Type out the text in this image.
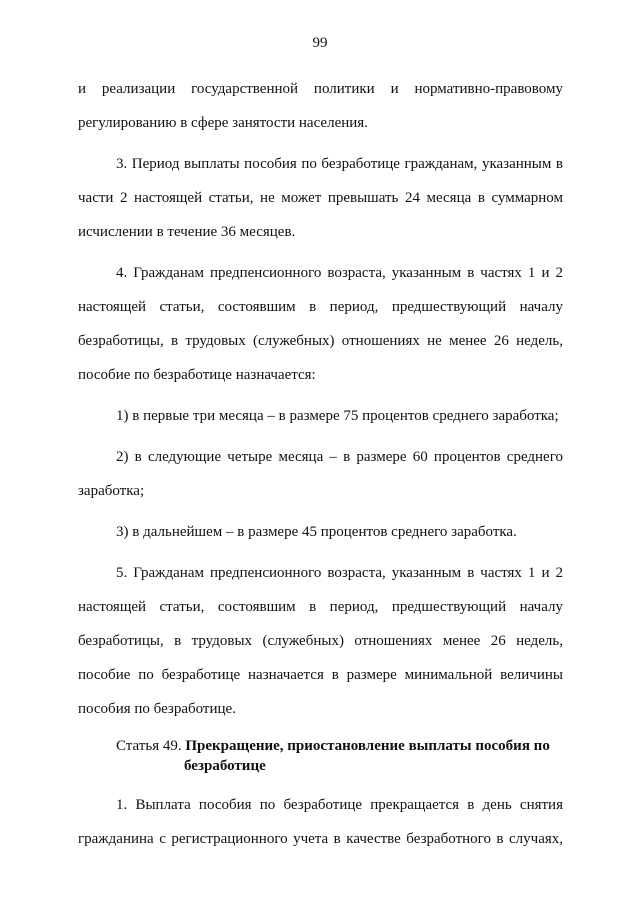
99

и реализации государственной политики и нормативно-правовому
регулированию в сфере занятости населения.

3. Период выплаты пособия по безработице гражданам, указанным в
части 2 настоящей статьи, не может превышать 24 месяца в суммарном
исчислении в течение 36 месяцев.

4. Гражданам предпенсионного возраста, указанным в частях 1 и 2
настоящей статьи, состоявшим в период, предшествующий началу
безработицы, в трудовых (служебных) отношениях не менее 26 недель,
пособие по безработице назначается:

1) в первые три месяца – в размере 75 процентов среднего заработка;

2) в следующие четыре месяца – в размере 60 процентов среднего
заработка;

3) в дальнейшем – в размере 45 процентов среднего заработка.

5. Гражданам предпенсионного возраста, указанным в частях 1 и 2
настоящей статьи, состоявшим в период, предшествующий началу
безработицы, в трудовых (служебных) отношениях менее 26 недель,
пособие по безработице назначается в размере минимальной величины
пособия по безработице.

Статья 49. Прекращение, приостановление выплаты пособия по
безработице

1. Выплата пособия по безработице прекращается в день снятия
гражданина с регистрационного учета в качестве безработного в случаях,
